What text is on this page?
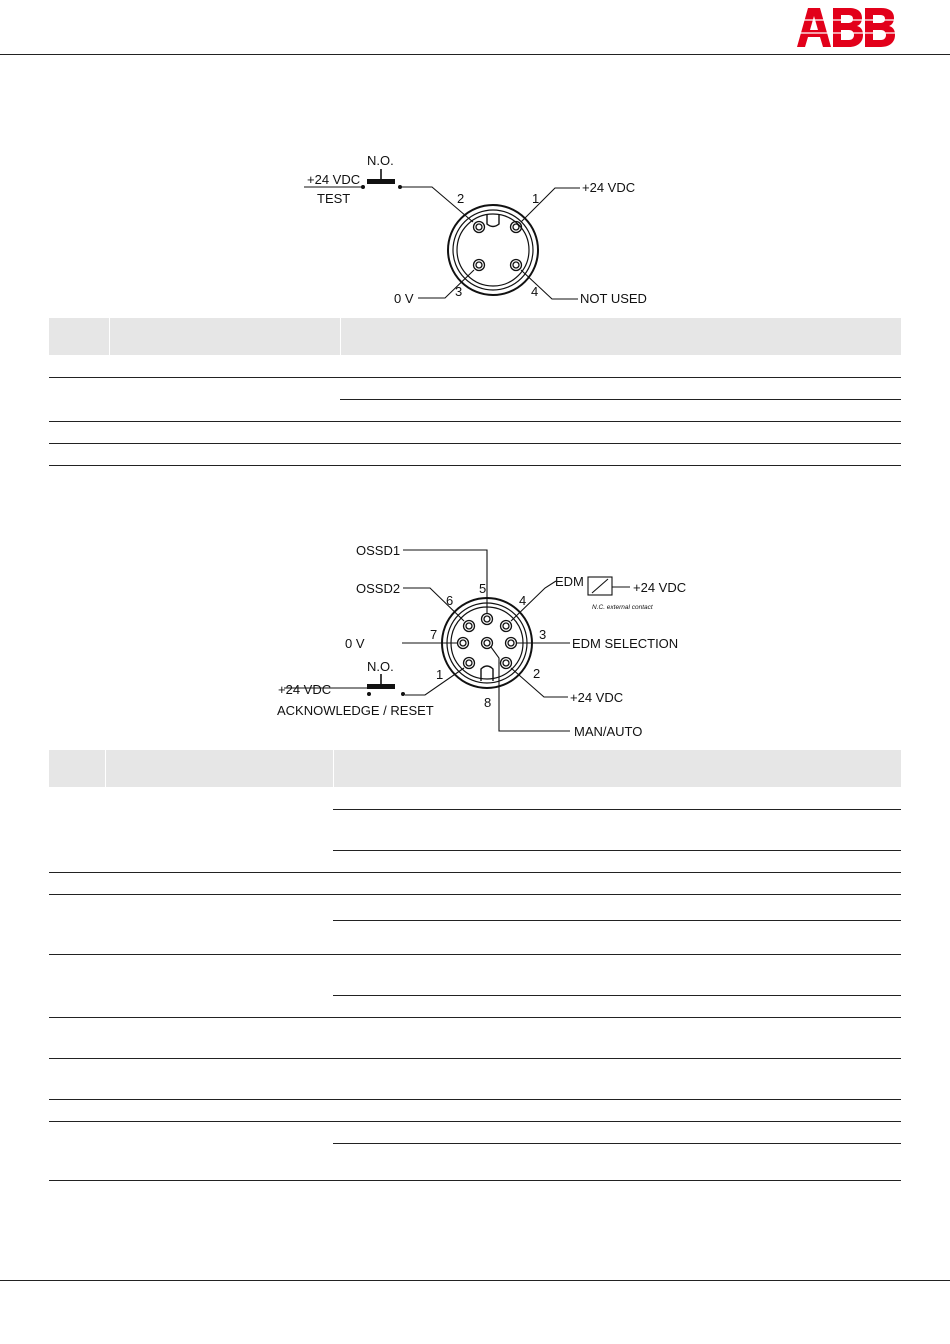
N.O.
2	1
3	4
+24 VDC
TEST
+24 VDC
0 V	NOT USED

N.O.
5
6	4
7	3
1	2
8
OSSD1
OSSD2	EDM	+24 VDC
N.C. external contact
0 V	EDM SELECTION
+24 VDC
ACKNOWLEDGE / RESET
+24 VDC
MAN/AUTO
